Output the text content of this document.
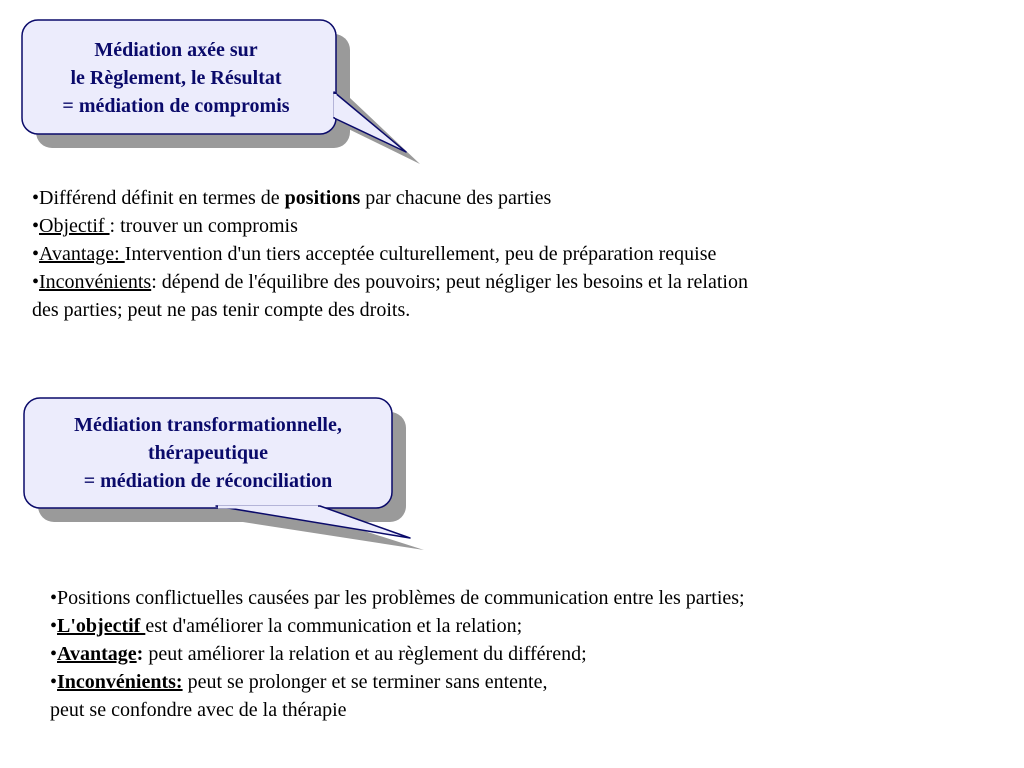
Médiation axée sur
le Règlement, le Résultat
= médiation de compromis
•Différend définit en termes de positions par chacune des parties
•Objectif : trouver un compromis
•Avantage: Intervention d'un tiers acceptée culturellement, peu de préparation requise
•Inconvénients: dépend de l'équilibre des pouvoirs; peut négliger les besoins et la relation
des parties; peut ne pas tenir compte des droits.
Médiation transformationnelle,
thérapeutique
= médiation de réconciliation
•Positions conflictuelles causées par les problèmes de communication entre les parties;
•L'objectif est d'améliorer la communication et la relation;
•Avantage: peut améliorer la relation et au règlement du différend;
•Inconvénients: peut se prolonger et se terminer sans entente,
peut se confondre avec de la thérapie
